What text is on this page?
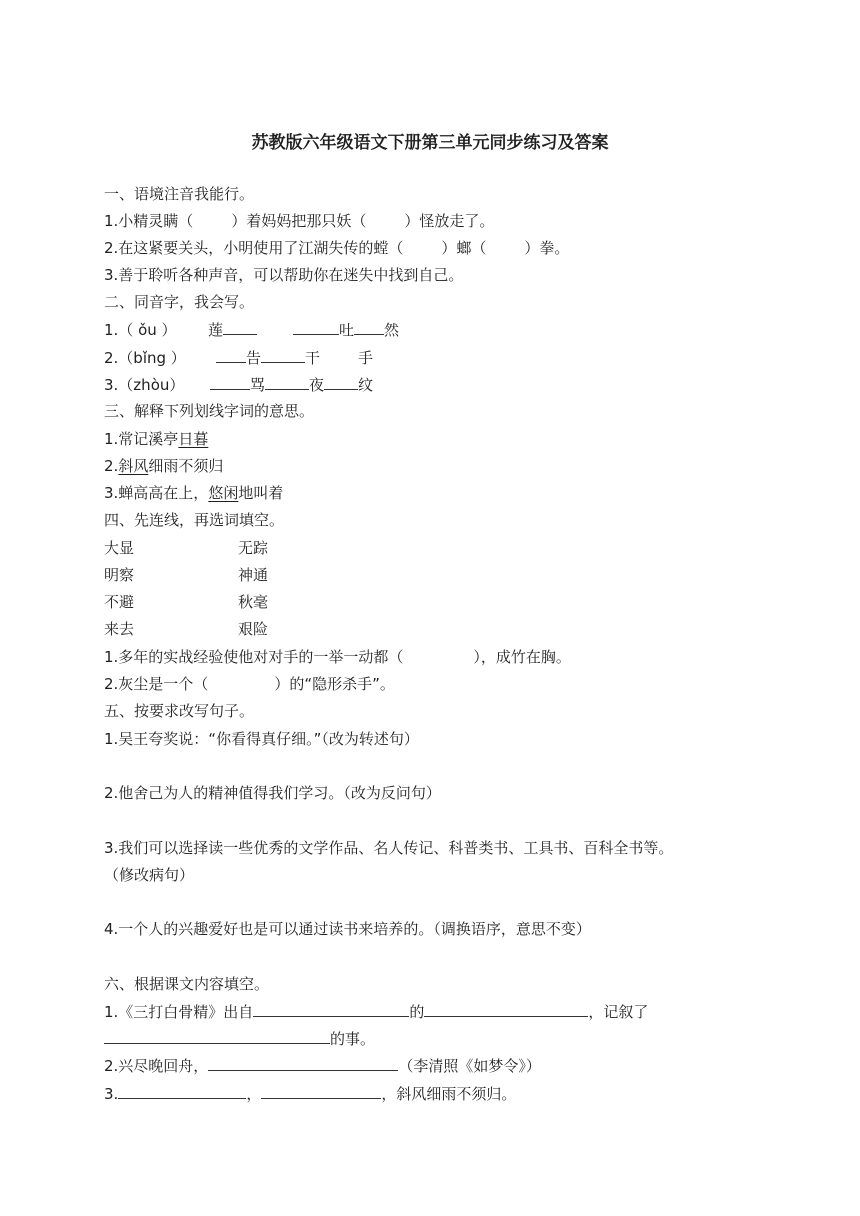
苏教版六年级语文下册第三单元同步练习及答案
一、语境注音我能行。
1.小精灵瞒（	）着妈妈把那只妖（	）怪放走了。
2.在这紧要关头，小明使用了江湖失传的螳（	）螂（	）拳。
3.善于聆听各种声音，可以帮助你在迷失中找到自己。
二、同音字，我会写。
1.（ ǒu ） 莲	吐 然
2.（bǐng ）	告	干	手
3.（zhòu）	骂	夜 纹
三、解释下列划线字词的意思。
1.常记溪亭日暮
2.斜风细雨不须归
3.蝉高高在上，悠闲地叫着
四、先连线，再选词填空。
大显	无踪
明察	神通
不避	秋毫
来去	艰险
1.多年的实战经验使他对对手的一举一动都（	），成竹在胸。
2.灰尘是一个（	）的“隐形杀手”。
五、按要求改写句子。
1.吴王夸奖说：“你看得真仔细。”（改为转述句）
2.他舍己为人的精神值得我们学习。（改为反问句）
3.我们可以选择读一些优秀的文学作品、名人传记、科普类书、工具书、百科全书等。
（修改病句）
4.一个人的兴趣爱好也是可以通过读书来培养的。（调换语序，意思不变）
六、根据课文内容填空。
1.《三打白骨精》出自	的	，记叙了
的事。
2.兴尽晚回舟，	（李清照《如梦令》）
3.	，	，斜风细雨不须归。
